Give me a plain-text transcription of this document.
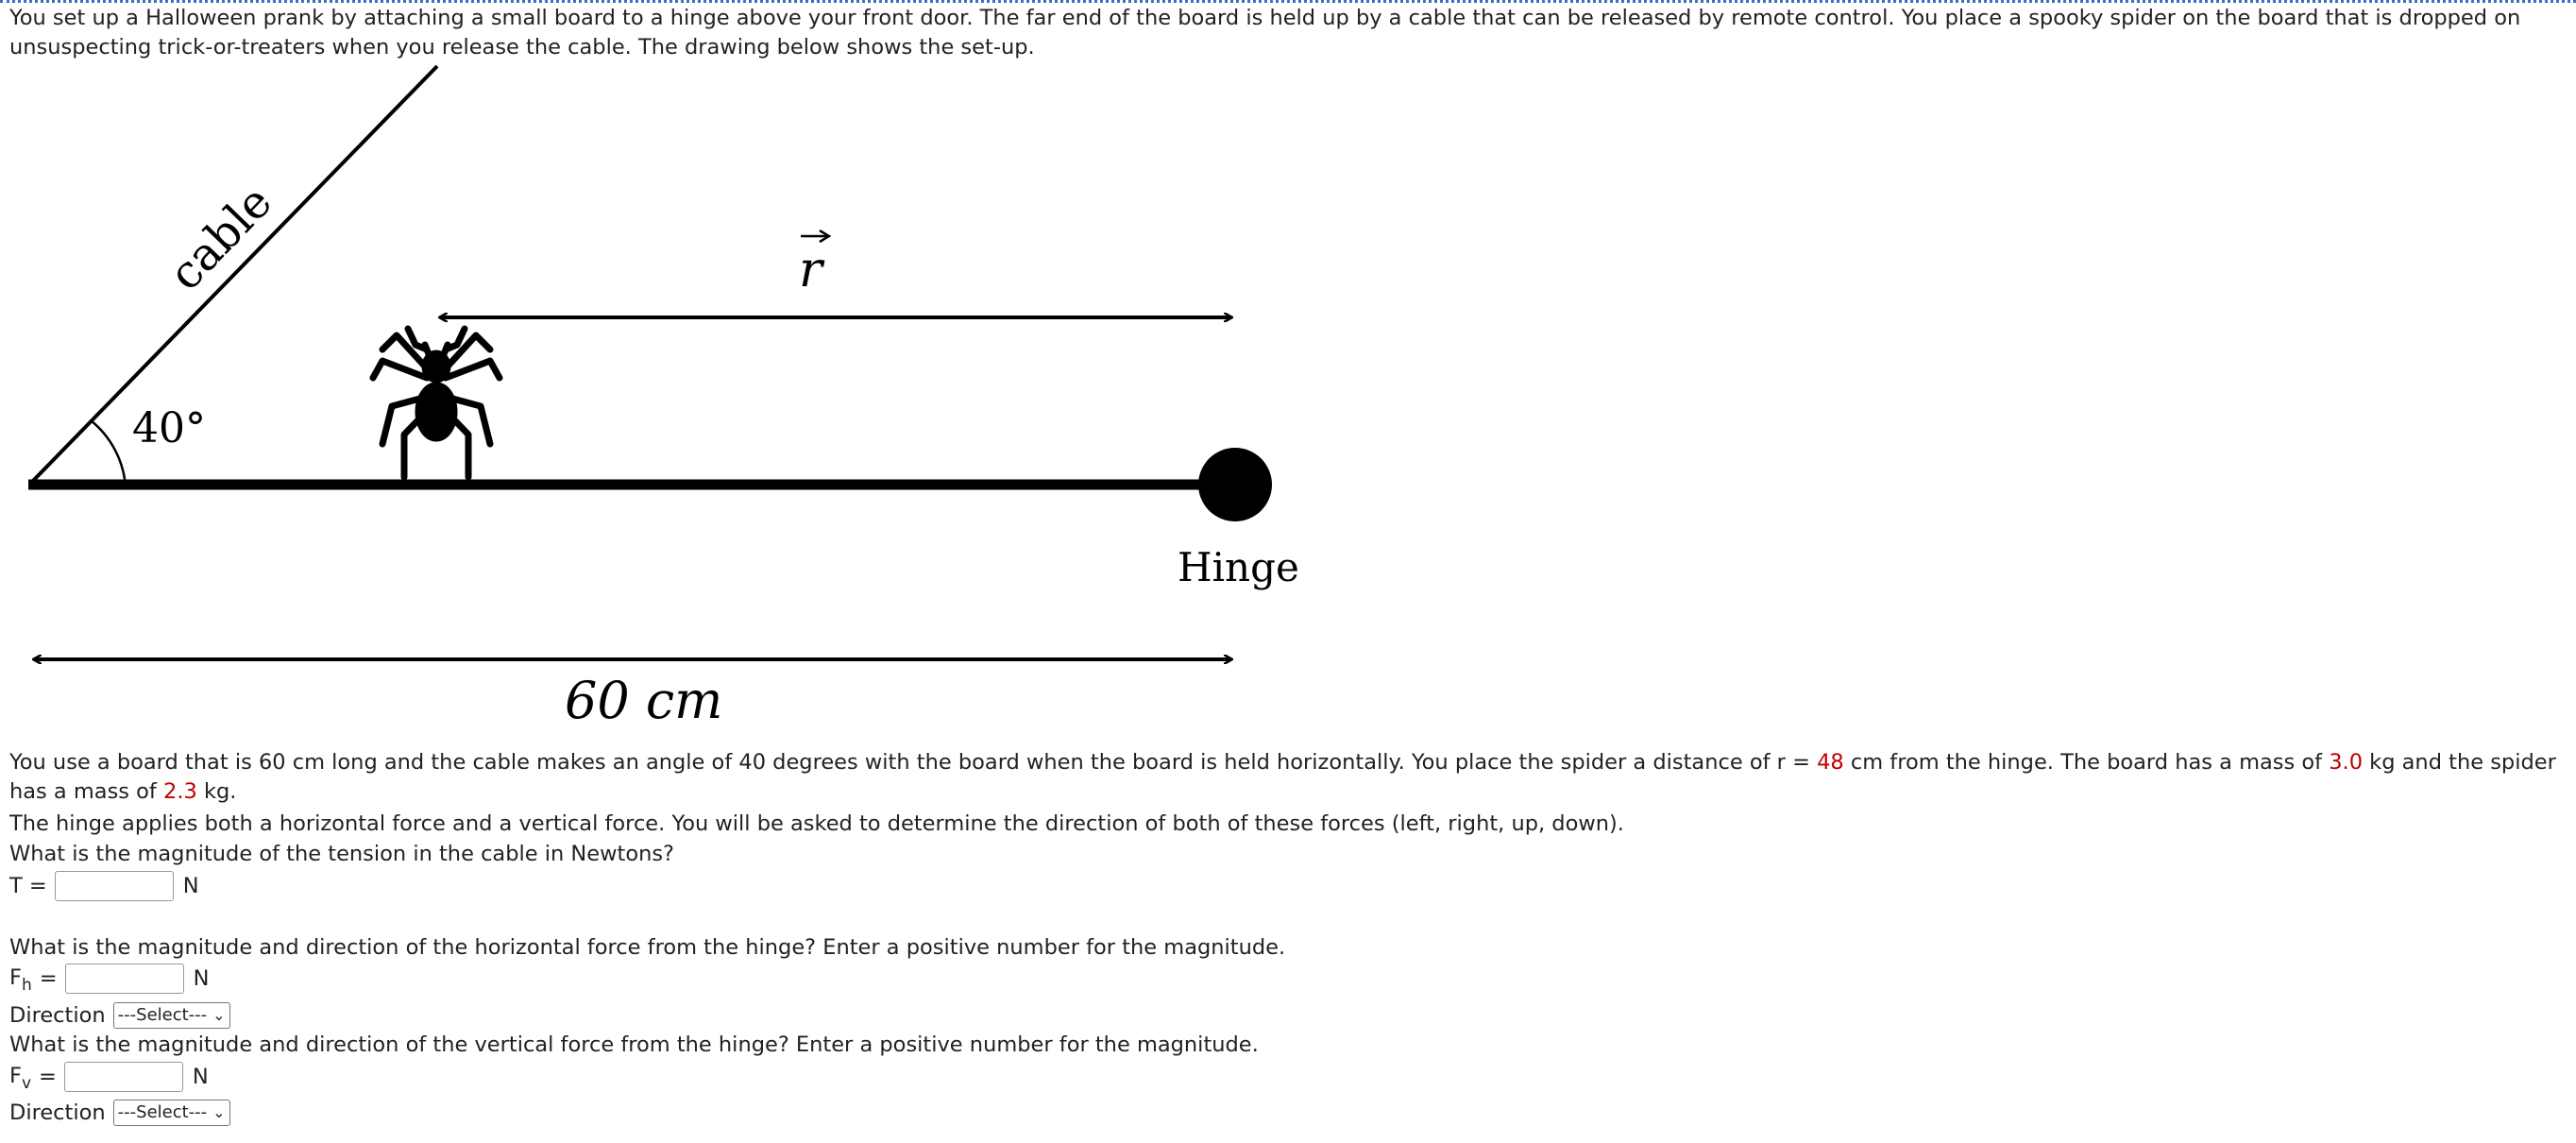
You set up a Halloween prank by attaching a small board to a hinge above your front door. The far end of the board is held up by a cable that can be released by remote control. You place a spooky spider on the board that is dropped on unsuspecting trick-or-treaters when you release the cable. The drawing below shows the set-up.

cable
40°
Hinge
r
60 cm

You use a board that is 60 cm long and the cable makes an angle of 40 degrees with the board when the board is held horizontally. You place the spider a distance of r = 48 cm from the hinge. The board has a mass of 3.0 kg and the spider has a mass of 2.3 kg.

The hinge applies both a horizontal force and a vertical force. You will be asked to determine the direction of both of these forces (left, right, up, down).

What is the magnitude of the tension in the cable in Newtons?

T =	N

What is the magnitude and direction of the horizontal force from the hinge? Enter a positive number for the magnitude.

$F_h$ =	N
Direction ---Select--- ⌄

What is the magnitude and direction of the vertical force from the hinge? Enter a positive number for the magnitude.

$F_v$ =	N
Direction ---Select--- ⌄
